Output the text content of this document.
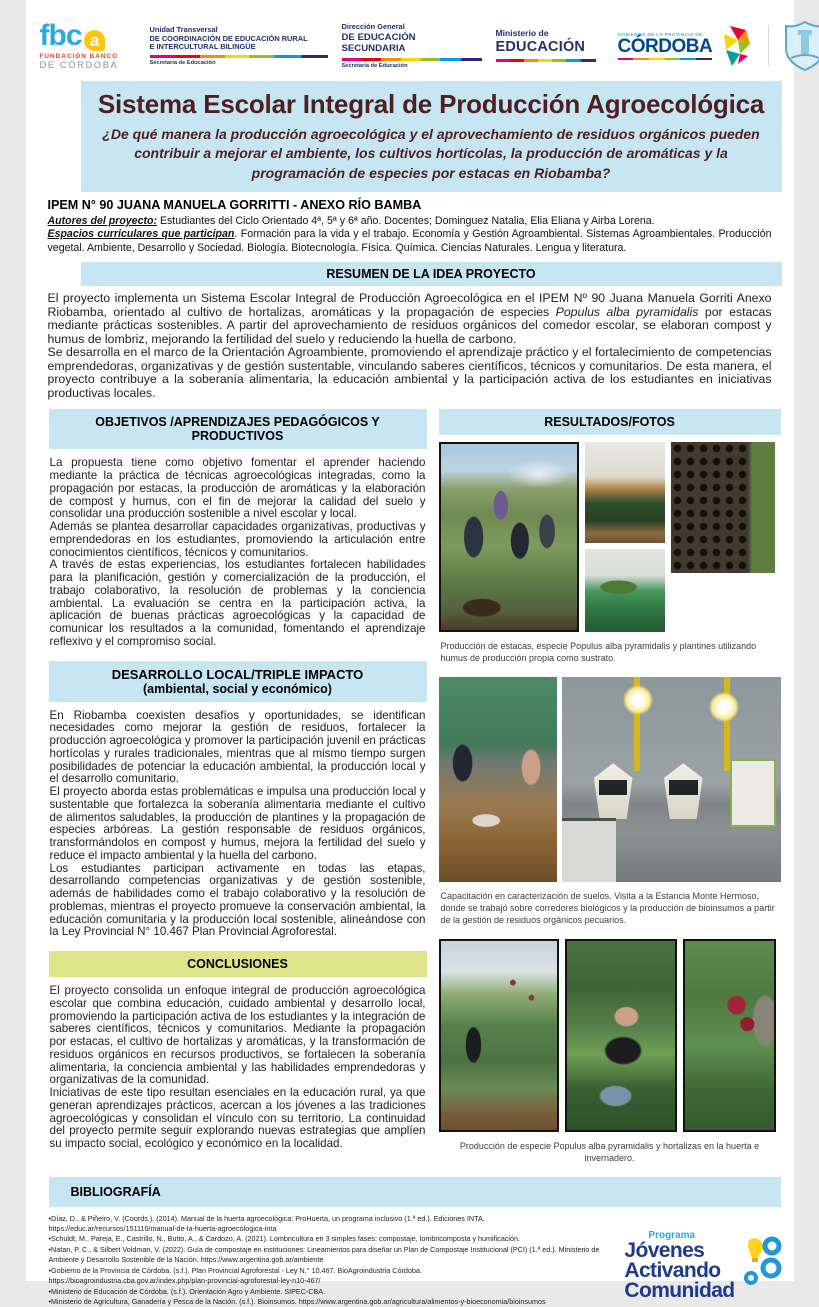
fbc a
FUNDACIÓN BANCO
DE CÓRDOBA
Unidad Transversal
DE COORDINACIÓN DE EDUCACIÓN RURAL
E INTERCULTURAL BILINGÜE
Secretaría de Educación
Dirección General
DE EDUCACIÓN SECUNDARIA
Secretaría de Educación
Ministerio de
EDUCACIÓN
GOBIERNO DE LA PROVINCIA DE
CÓRDOBA
Sistema Escolar Integral de Producción Agroecológica
¿De qué manera la producción agroecológica y el aprovechamiento de residuos orgánicos pueden contribuir a mejorar el ambiente, los cultivos hortícolas, la producción de aromáticas y la programación de especies por estacas en Riobamba?
IPEM N° 90 JUANA MANUELA GORRITTI - ANEXO RÍO BAMBA

Autores del proyecto: Estudiantes del Ciclo Orientado 4ª, 5ª y 6ª año. Docentes; Dominguez Natalia, Elia Eliana y Airba Lorena.

Espacios curriculares que participan. Formación para la vida y el trabajo. Economía y Gestión Agroambiental. Sistemas Agroambientales. Producción vegetal. Ambiente, Desarrollo y Sociedad. Biología. Biotecnología. Física. Química. Ciencias Naturales. Lengua y literatura.

RESUMEN DE LA IDEA PROYECTO

El proyecto implementa un Sistema Escolar Integral de Producción Agroecológica en el IPEM Nº 90 Juana Manuela Gorriti Anexo Riobamba, orientado al cultivo de hortalizas, aromáticas y la propagación de especies Populus alba pyramidalis por estacas mediante prácticas sostenibles. A partir del aprovechamiento de residuos orgánicos del comedor escolar, se elaboran compost y humus de lombriz, mejorando la fertilidad del suelo y reduciendo la huella de carbono.

Se desarrolla en el marco de la Orientación Agroambiente, promoviendo el aprendizaje práctico y el fortalecimiento de competencias emprendedoras, organizativas y de gestión sustentable, vinculando saberes científicos, técnicos y comunitarios. De esta manera, el proyecto contribuye a la soberanía alimentaria, la educación ambiental y la participación activa de los estudiantes en iniciativas productivas locales.

OBJETIVOS /APRENDIZAJES PEDAGÓGICOS Y PRODUCTIVOS

La propuesta tiene como objetivo fomentar el aprender haciendo mediante la práctica de técnicas agroecológicas integradas, como la propagación por estacas, la producción de aromáticas y la elaboración de compost y humus, con el fin de mejorar la calidad del suelo y consolidar una producción sostenible a nivel escolar y local.

Además se plantea desarrollar capacidades organizativas, productivas y emprendedoras en los estudiantes, promoviendo la articulación entre conocimientos científicos, técnicos y comunitarios.

A través de estas experiencias, los estudiantes fortalecen habilidades para la planificación, gestión y comercialización de la producción, el trabajo colaborativo, la resolución de problemas y la conciencia ambiental. La evaluación se centra en la participación activa, la aplicación de buenas prácticas agroecológicas y la capacidad de comunicar los resultados a la comunidad, fomentando el aprendizaje reflexivo y el compromiso social.

DESARROLLO LOCAL/TRIPLE IMPACTO
(ambiental, social y económico)

En Riobamba coexisten desafíos y oportunidades, se identifican necesidades como mejorar la gestión de residuos, fortalecer la producción agroecológica y promover la participación juvenil en prácticas hortícolas y rurales tradicionales, mientras que al mismo tiempo surgen posibilidades de potenciar la educación ambiental, la producción local y el desarrollo comunitario.

El proyecto aborda estas problemáticas e impulsa una producción local y sustentable que fortalezca la soberanía alimentaria mediante el cultivo de alimentos saludables, la producción de plantines y la propagación de especies arbóreas. La gestión responsable de residuos orgánicos, transformándolos en compost y humus, mejora la fertilidad del suelo y reduce el impacto ambiental y la huella del carbono.

Los estudiantes participan activamente en todas las etapas, desarrollando competencias organizativas y de gestión sostenible, además de habilidades como el trabajo colaborativo y la resolución de problemas, mientras el proyecto promueve la conservación ambiental, la educación comunitaria y la producción local sostenible, alineándose con la Ley Provincial N° 10.467 Plan Provincial Agroforestal.

CONCLUSIONES

El proyecto consolida un enfoque integral de producción agroecológica escolar que combina educación, cuidado ambiental y desarrollo local, promoviendo la participación activa de los estudiantes y la integración de saberes científicos, técnicos y comunitarios. Mediante la propagación por estacas, el cultivo de hortalizas y aromáticas, y la transformación de residuos orgánicos en recursos productivos, se fortalecen la soberanía alimentaria, la conciencia ambiental y las habilidades emprendedoras y organizativas de la comunidad.

Iniciativas de este tipo resultan esenciales en la educación rural, ya que generan aprendizajes prácticos, acercan a los jóvenes a las tradiciones agroecológicas y consolidan el vínculo con su territorio. La continuidad del proyecto permite seguir explorando nuevas estrategias que amplíen su impacto social, ecológico y económico en la localidad.

RESULTADOS/FOTOS
Producción de estacas, especie Populus alba pyramidalis y plantines utilizando humus de producción propia como sustrato.
Capacitación en caracterización de suelos. Visita a la Estancia Monte Hermoso, donde se trabajó sobre corredores biológicos y la producción de bioinsumos a partir de la gestión de residuos orgánicos pecuarios.
Producción de especie Populus alba pyramidalis y hortalizas en la huerta e invernadero.
BIBLIOGRAFÍA
•Díaz, D., & Piñeiro, V. (Coords.). (2014). Manual de la huerta agroecológica: ProHuerta, un programa inclusivo (1.ª ed.). Ediciones INTA.
https://educ.ar/recursos/151110/manual-de-la-huerta-agroecologica-inta
•Schuldt, M., Pareja, E., Castrillo, N., Butto, A., & Cardozo, A. (2021). Lombricultura en 3 simples fases: compostaje, lombricomposta y humificación.
•Natan, P. C., & Silbert Voldman, V. (2022). Guía de compostaje en instituciones: Lineamientos para diseñar un Plan de Compostaje Institucional (PCI) (1.ª ed.). Ministerio de Ambiente y Desarrollo Sostenible de la Nación. https://www.argentina.gob.ar/ambiente
•Gobierno de la Provincia de Córdoba. (s.f.). Plan Provincial Agroforestal - Ley N.° 10.467. BioAgroindustria Córdoba.
https://bioagroindustria.cba.gov.ar/index.php/plan-provincial-agroforestal-ley-n10-467/
•Ministerio de Educación de Córdoba. (s.f.). Orientación Agro y Ambiente. SIPEC-CBA.
•Ministerio de Agricultura, Ganadería y Pesca de la Nación. (s.f.). Bioinsumos. https://www.argentina.gob.ar/agricultura/alimentos-y-bioeconomia/bioinsumos
Programa
Jóvenes
Activando
Comunidad
